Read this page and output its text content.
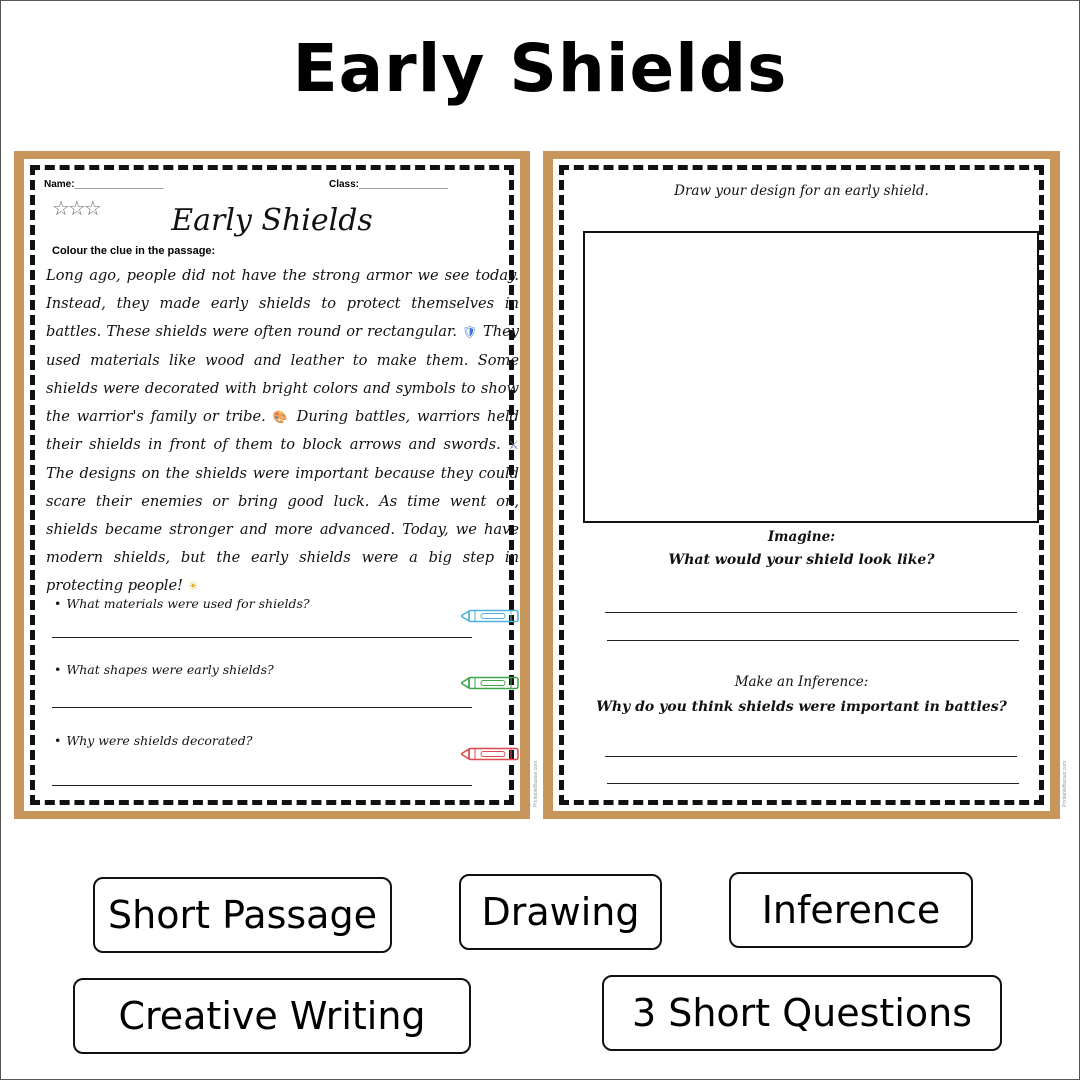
Early Shields
Name:________________	Class:________________
☆☆☆	Early Shields
Colour the clue in the passage:
Long ago, people did not have the strong armor we see today. Instead, they made early shields to protect themselves in battles. These shields were often round or rectangular. 🛡 They used materials like wood and leather to make them. Some shields were decorated with bright colors and symbols to show the warrior's family or tribe. 🎨 During battles, warriors held their shields in front of them to block arrows and swords. ⚔ The designs on the shields were important because they could scare their enemies or bring good luck. As time went on, shields became stronger and more advanced. Today, we have modern shields, but the early shields were a big step in protecting people! ☀
• What materials were used for shields?
• What shapes were early shields?
• Why were shields decorated?
© PrintableBazaar.com
Draw your design for an early shield.
Imagine:
What would your shield look like?
Make an Inference:
Why do you think shields were important in battles?
© PrintableBazaar.com
Short Passage	Drawing	Inference
Creative Writing	3 Short Questions
